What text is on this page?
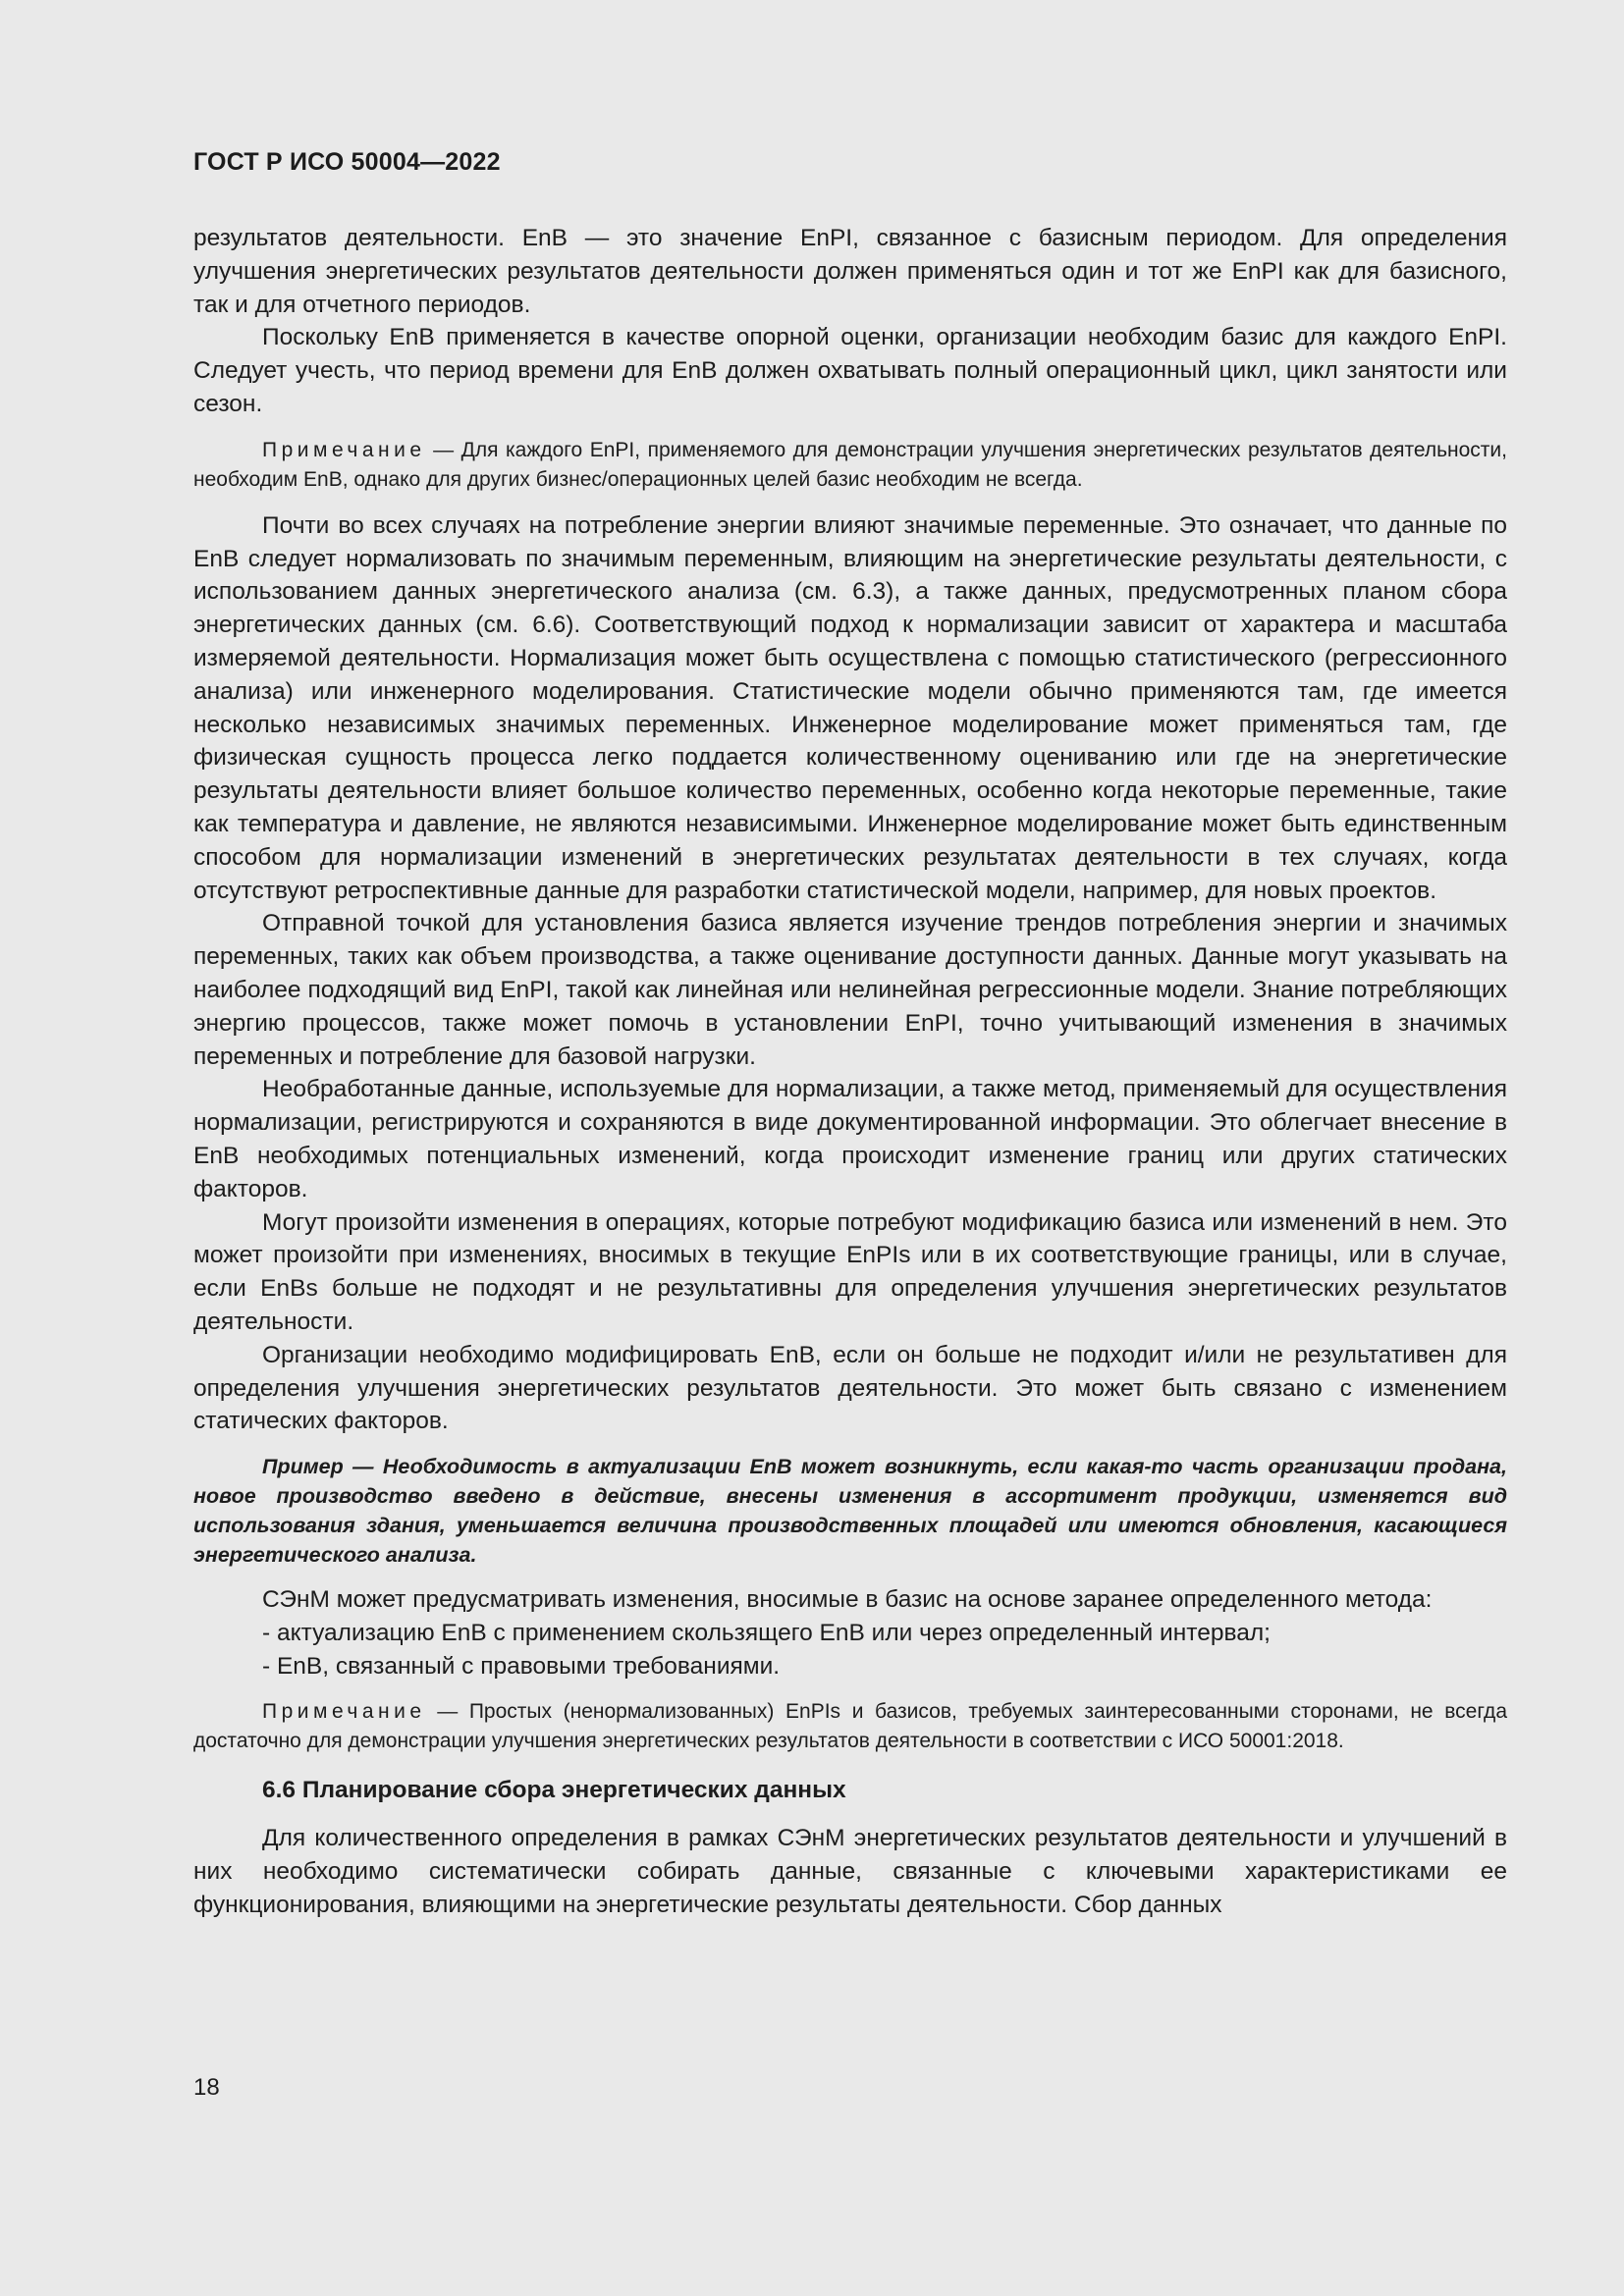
ГОСТ Р ИСО 50004—2022

результатов деятельности. EnB — это значение EnPI, связанное с базисным периодом. Для определения улучшения энергетических результатов деятельности должен применяться один и тот же EnPI как для базисного, так и для отчетного периодов.

Поскольку EnB применяется в качестве опорной оценки, организации необходим базис для каждого EnPI. Следует учесть, что период времени для EnB должен охватывать полный операционный цикл, цикл занятости или сезон.

Примечание — Для каждого EnPI, применяемого для демонстрации улучшения энергетических результатов деятельности, необходим EnB, однако для других бизнес/операционных целей базис необходим не всегда.

Почти во всех случаях на потребление энергии влияют значимые переменные. Это означает, что данные по EnB следует нормализовать по значимым переменным, влияющим на энергетические результаты деятельности, с использованием данных энергетического анализа (см. 6.3), а также данных, предусмотренных планом сбора энергетических данных (см. 6.6). Соответствующий подход к нормализации зависит от характера и масштаба измеряемой деятельности. Нормализация может быть осуществлена с помощью статистического (регрессионного анализа) или инженерного моделирования. Статистические модели обычно применяются там, где имеется несколько независимых значимых переменных. Инженерное моделирование может применяться там, где физическая сущность процесса легко поддается количественному оцениванию или где на энергетические результаты деятельности влияет большое количество переменных, особенно когда некоторые переменные, такие как температура и давление, не являются независимыми. Инженерное моделирование может быть единственным способом для нормализации изменений в энергетических результатах деятельности в тех случаях, когда отсутствуют ретроспективные данные для разработки статистической модели, например, для новых проектов.

Отправной точкой для установления базиса является изучение трендов потребления энергии и значимых переменных, таких как объем производства, а также оценивание доступности данных. Данные могут указывать на наиболее подходящий вид EnPI, такой как линейная или нелинейная регрессионные модели. Знание потребляющих энергию процессов, также может помочь в установлении EnPI, точно учитывающий изменения в значимых переменных и потребление для базовой нагрузки.

Необработанные данные, используемые для нормализации, а также метод, применяемый для осуществления нормализации, регистрируются и сохраняются в виде документированной информации. Это облегчает внесение в EnB необходимых потенциальных изменений, когда происходит изменение границ или других статических факторов.

Могут произойти изменения в операциях, которые потребуют модификацию базиса или изменений в нем. Это может произойти при изменениях, вносимых в текущие EnPIs или в их соответствующие границы, или в случае, если EnBs больше не подходят и не результативны для определения улучшения энергетических результатов деятельности.

Организации необходимо модифицировать EnB, если он больше не подходит и/или не результативен для определения улучшения энергетических результатов деятельности. Это может быть связано с изменением статических факторов.

Пример — Необходимость в актуализации EnB может возникнуть, если какая-то часть организации продана, новое производство введено в действие, внесены изменения в ассортимент продукции, изменяется вид использования здания, уменьшается величина производственных площадей или имеются обновления, касающиеся энергетического анализа.

СЭнМ может предусматривать изменения, вносимые в базис на основе заранее определенного метода:

- актуализацию EnB с применением скользящего EnB или через определенный интервал;

- EnB, связанный с правовыми требованиями.

Примечание — Простых (ненормализованных) EnPIs и базисов, требуемых заинтересованными сторонами, не всегда достаточно для демонстрации улучшения энергетических результатов деятельности в соответствии с ИСО 50001:2018.

6.6 Планирование сбора энергетических данных

Для количественного определения в рамках СЭнМ энергетических результатов деятельности и улучшений в них необходимо систематически собирать данные, связанные с ключевыми характеристиками ее функционирования, влияющими на энергетические результаты деятельности. Сбор данных

18
